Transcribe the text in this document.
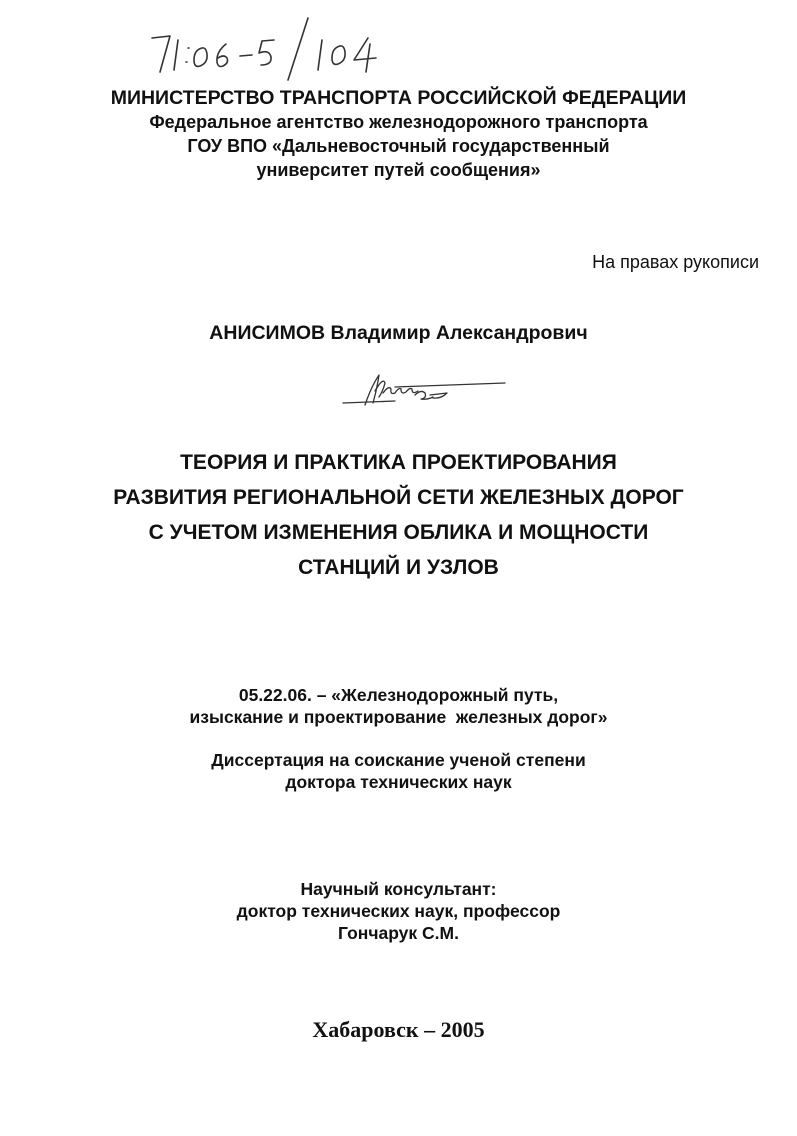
МИНИСТЕРСТВО ТРАНСПОРТА РОССИЙСКОЙ ФЕДЕРАЦИИ
Федеральное агентство железнодорожного транспорта
ГОУ ВПО «Дальневосточный государственный
университет путей сообщения»
На правах рукописи
АНИСИМОВ Владимир Александрович
ТЕОРИЯ И ПРАКТИКА ПРОЕКТИРОВАНИЯ
РАЗВИТИЯ РЕГИОНАЛЬНОЙ СЕТИ ЖЕЛЕЗНЫХ ДОРОГ
С УЧЕТОМ ИЗМЕНЕНИЯ ОБЛИКА И МОЩНОСТИ
СТАНЦИЙ И УЗЛОВ
05.22.06. – «Железнодорожный путь,
изыскание и проектирование  железных дорог»
Диссертация на соискание ученой степени
доктора технических наук
Научный консультант:
доктор технических наук, профессор
Гончарук С.М.
Хабаровск – 2005
